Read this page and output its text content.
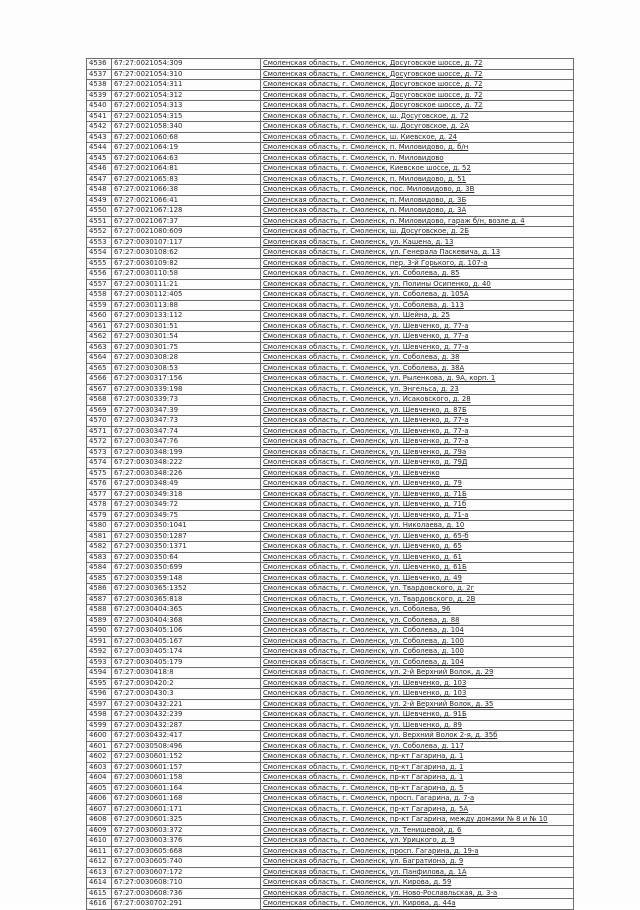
4536	67:27:0021054:309	Смоленская область, г. Смоленск, Досуговское шоссе, д. 72
4537	67:27:0021054:310	Смоленская область, г. Смоленск, Досуговское шоссе, д. 72
4538	67:27:0021054:311	Смоленская область, г. Смоленск, Досуговское шоссе, д. 72
4539	67:27:0021054:312	Смоленская область, г. Смоленск, Досуговское шоссе, д. 72
4540	67:27:0021054:313	Смоленская область, г. Смоленск, Досуговское шоссе, д. 72
4541	67:27:0021054:315	Смоленская область, г. Смоленск, ш. Досуговское, д. 72
4542	67:27:0021058:340	Смоленская область, г. Смоленск, ш. Досуговское, д. 2А
4543	67:27:0021060:68	Смоленская область, г. Смоленск, ш. Киевское, д. 24
4544	67:27:0021064:19	Смоленская область, г. Смоленск, п. Миловидово, д. б/н
4545	67:27:0021064:63	Смоленская область, г. Смоленск, п. Миловидово
4546	67:27:0021064:81	Смоленская область, г. Смоленск, Киевское шоссе, д. 52
4547	67:27:0021065:83	Смоленская область, г. Смоленск, п. Миловидово, д. 51
4548	67:27:0021066:38	Смоленская область, г. Смоленск, пос. Миловидово, д. 3В
4549	67:27:0021066:41	Смоленская область, г. Смоленск, п. Миловидово, д. 3Б
4550	67:27:0021067:128	Смоленская область, г. Смоленск, п. Миловидово, д. 3А
4551	67:27:0021067:37	Смоленская область, г. Смоленск, п. Миловидово, гараж б/н, возле д. 4
4552	67:27:0021080:609	Смоленская область, г. Смоленск, ш. Досуговское, д. 2Б
4553	67:27:0030107:117	Смоленская область, г. Смоленск, ул. Кашена, д. 13
4554	67:27:0030108:62	Смоленская область, г. Смоленск, ул. Генерала Паскевича, д. 13
4555	67:27:0030109:82	Смоленская область, г. Смоленск, пер. 3-й Горького, д. 107-а
4556	67:27:0030110:58	Смоленская область, г. Смоленск, ул. Соболева, д. 85
4557	67:27:0030111:21	Смоленская область, г. Смоленск, ул. Полины Осипенко, д. 40
4558	67:27:0030112:405	Смоленская область, г. Смоленск, ул. Соболева, д. 105А
4559	67:27:0030113:88	Смоленская область, г. Смоленск, ул. Соболева, д. 113
4560	67:27:0030133:112	Смоленская область, г. Смоленск, ул. Шейна, д. 25
4561	67:27:0030301:51	Смоленская область, г. Смоленск, ул. Шевченко, д. 77-а
4562	67:27:0030301:54	Смоленская область, г. Смоленск, ул. Шевченко, д. 77-а
4563	67:27:0030301:75	Смоленская область, г. Смоленск, ул. Шевченко, д. 77-а
4564	67:27:0030308:28	Смоленская область, г. Смоленск, ул. Соболева, д. 38
4565	67:27:0030308:53	Смоленская область, г. Смоленск, ул. Соболева, д. 38А
4566	67:27:0030317:156	Смоленская область, г. Смоленск, ул. Рыленкова, д. 9А, корп. 1
4567	67:27:0030339:198	Смоленская область, г. Смоленск, ул. Энгельса, д. 23
4568	67:27:0030339:73	Смоленская область, г. Смоленск, ул. Исаковского, д. 28
4569	67:27:0030347:39	Смоленская область, г. Смоленск, ул. Шевченко, д. 87Б
4570	67:27:0030347:73	Смоленская область, г. Смоленск, ул. Шевченко, д. 77-а
4571	67:27:0030347:74	Смоленская область, г. Смоленск, ул. Шевченко, д. 77-а
4572	67:27:0030347:76	Смоленская область, г. Смоленск, ул. Шевченко, д. 77-а
4573	67:27:0030348:199	Смоленская область, г. Смоленск, ул. Шевченко, д. 79а
4574	67:27:0030348:222	Смоленская область, г. Смоленск, ул. Шевченко, д. 79Д
4575	67:27:0030348:226	Смоленская область, г. Смоленск, ул. Шевченко
4576	67:27:0030348:49	Смоленская область, г. Смоленск, ул. Шевченко, д. 79
4577	67:27:0030349:318	Смоленская область, г. Смоленск, ул. Шевченко, д. 71Б
4578	67:27:0030349:72	Смоленская область, г. Смоленск, ул. Шевченко, д. 71б
4579	67:27:0030349:75	Смоленская область, г. Смоленск, ул. Шевченко, д. 71-а
4580	67:27:0030350:1041	Смоленская область, г. Смоленск, ул. Николаева, д. 10
4581	67:27:0030350:1287	Смоленская область, г. Смоленск, ул. Шевченко, д. 65-б
4582	67:27:0030350:1371	Смоленская область, г. Смоленск, ул. Шевченко, д. 65
4583	67:27:0030350:64	Смоленская область, г. Смоленск, ул. Шевченко, д. 61
4584	67:27:0030350:699	Смоленская область, г. Смоленск, ул. Шевченко, д. 61Б
4585	67:27:0030359:148	Смоленская область, г. Смоленск, ул. Шевченко, д. 49
4586	67:27:0030365:1352	Смоленская область, г. Смоленск, ул. Твардовского, д. 2г
4587	67:27:0030365:818	Смоленская область, г. Смоленск, ул. Твардовского, д. 2В
4588	67:27:0030404:365	Смоленская область, г. Смоленск, ул. Соболева, 96
4589	67:27:0030404:368	Смоленская область, г. Смоленск, ул. Соболева, д. 88
4590	67:27:0030405:106	Смоленская область, г. Смоленск, ул. Соболева, д. 104
4591	67:27:0030405:167	Смоленская область, г. Смоленск, ул. Соболева, д. 100
4592	67:27:0030405:174	Смоленская область, г. Смоленск, ул. Соболева, д. 100
4593	67:27:0030405:179	Смоленская область, г. Смоленск, ул. Соболева, д. 104
4594	67:27:0030418:8	Смоленская область, г. Смоленск, ул. 2-й Верхний Волок, д. 29
4595	67:27:0030420:2	Смоленская область, г. Смоленск, ул. Шевченко, д. 103
4596	67:27:0030430:3	Смоленская область, г. Смоленск, ул. Шевченко, д. 103
4597	67:27:0030432:221	Смоленская область, г. Смоленск, ул. 2-й Верхний Волок, д. 35
4598	67:27:0030432:239	Смоленская область, г. Смоленск, ул. Шевченко, д. 91Б
4599	67:27:0030432:287	Смоленская область, г. Смоленск, ул. Шевченко, д. 89
4600	67:27:0030432:417	Смоленская область, г. Смоленск, ул. Верхний Волок 2-я, д. 35б
4601	67:27:0030508:496	Смоленская область, г. Смоленск, ул. Соболева, д. 117
4602	67:27:0030601:152	Смоленская область, г. Смоленск, пр-кт Гагарина, д. 1
4603	67:27:0030601:157	Смоленская область, г. Смоленск, пр-кт Гагарина, д. 1
4604	67:27:0030601:158	Смоленская область, г. Смоленск, пр-кт Гагарина, д. 1
4605	67:27:0030601:164	Смоленская область, г. Смоленск, пр-кт Гагарина, д. 5
4606	67:27:0030601:168	Смоленская область, г. Смоленск, просп. Гагарина, д. 7-а
4607	67:27:0030601:171	Смоленская область, г. Смоленск, пр-кт Гагарина, д. 5А
4608	67:27:0030601:325	Смоленская область, г. Смоленск, пр-кт Гагарина, между домами № 8 и № 10
4609	67:27:0030603:372	Смоленская область, г. Смоленск, ул. Тенишевой, д. 6
4610	67:27:0030603:376	Смоленская область, г. Смоленск, ул. Урицкого, д. 9
4611	67:27:0030605:668	Смоленская область, г. Смоленск, просп. Гагарина, д. 19-а
4612	67:27:0030605:740	Смоленская область, г. Смоленск, ул. Багратиона, д. 9
4613	67:27:0030607:172	Смоленская область, г. Смоленск, ул. Панфилова, д. 1А
4614	67:27:0030608:710	Смоленская область, г. Смоленск, ул. Кирова, д. 59
4615	67:27:0030608:736	Смоленская область, г. Смоленск, ул. Ново-Рославльская, д. 3-а
4616	67:27:0030702:291	Смоленская область, г. Смоленск, ул. Кирова, д. 44а
